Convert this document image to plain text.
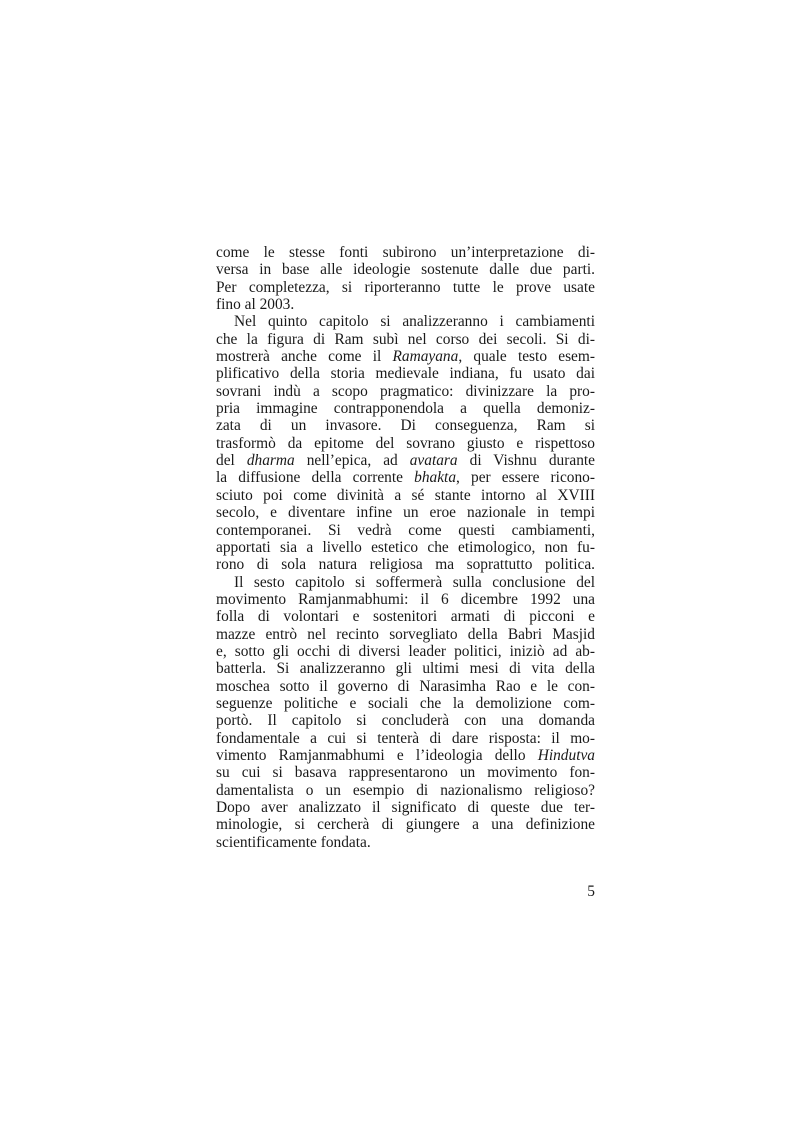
come le stesse fonti subirono un’interpretazione di-
versa in base alle ideologie sostenute dalle due parti.
Per completezza, si riporteranno tutte le prove usate
fino al 2003.
Nel quinto capitolo si analizzeranno i cambiamenti
che la figura di Ram subì nel corso dei secoli. Si di-
mostrerà anche come il Ramayana, quale testo esem-
plificativo della storia medievale indiana, fu usato dai
sovrani indù a scopo pragmatico: divinizzare la pro-
pria immagine contrapponendola a quella demoniz-
zata di un invasore. Di conseguenza, Ram si
trasformò da epitome del sovrano giusto e rispettoso
del dharma nell’epica, ad avatara di Vishnu durante
la diffusione della corrente bhakta, per essere ricono-
sciuto poi come divinità a sé stante intorno al XVIII
secolo, e diventare infine un eroe nazionale in tempi
contemporanei. Si vedrà come questi cambiamenti,
apportati sia a livello estetico che etimologico, non fu-
rono di sola natura religiosa ma soprattutto politica.
Il sesto capitolo si soffermerà sulla conclusione del
movimento Ramjanmabhumi: il 6 dicembre 1992 una
folla di volontari e sostenitori armati di picconi e
mazze entrò nel recinto sorvegliato della Babri Masjid
e, sotto gli occhi di diversi leader politici, iniziò ad ab-
batterla. Si analizzeranno gli ultimi mesi di vita della
moschea sotto il governo di Narasimha Rao e le con-
seguenze politiche e sociali che la demolizione com-
portò. Il capitolo si concluderà con una domanda
fondamentale a cui si tenterà di dare risposta: il mo-
vimento Ramjanmabhumi e l’ideologia dello Hindutva
su cui si basava rappresentarono un movimento fon-
damentalista o un esempio di nazionalismo religioso?
Dopo aver analizzato il significato di queste due ter-
minologie, si cercherà di giungere a una definizione
scientificamente fondata.
5
